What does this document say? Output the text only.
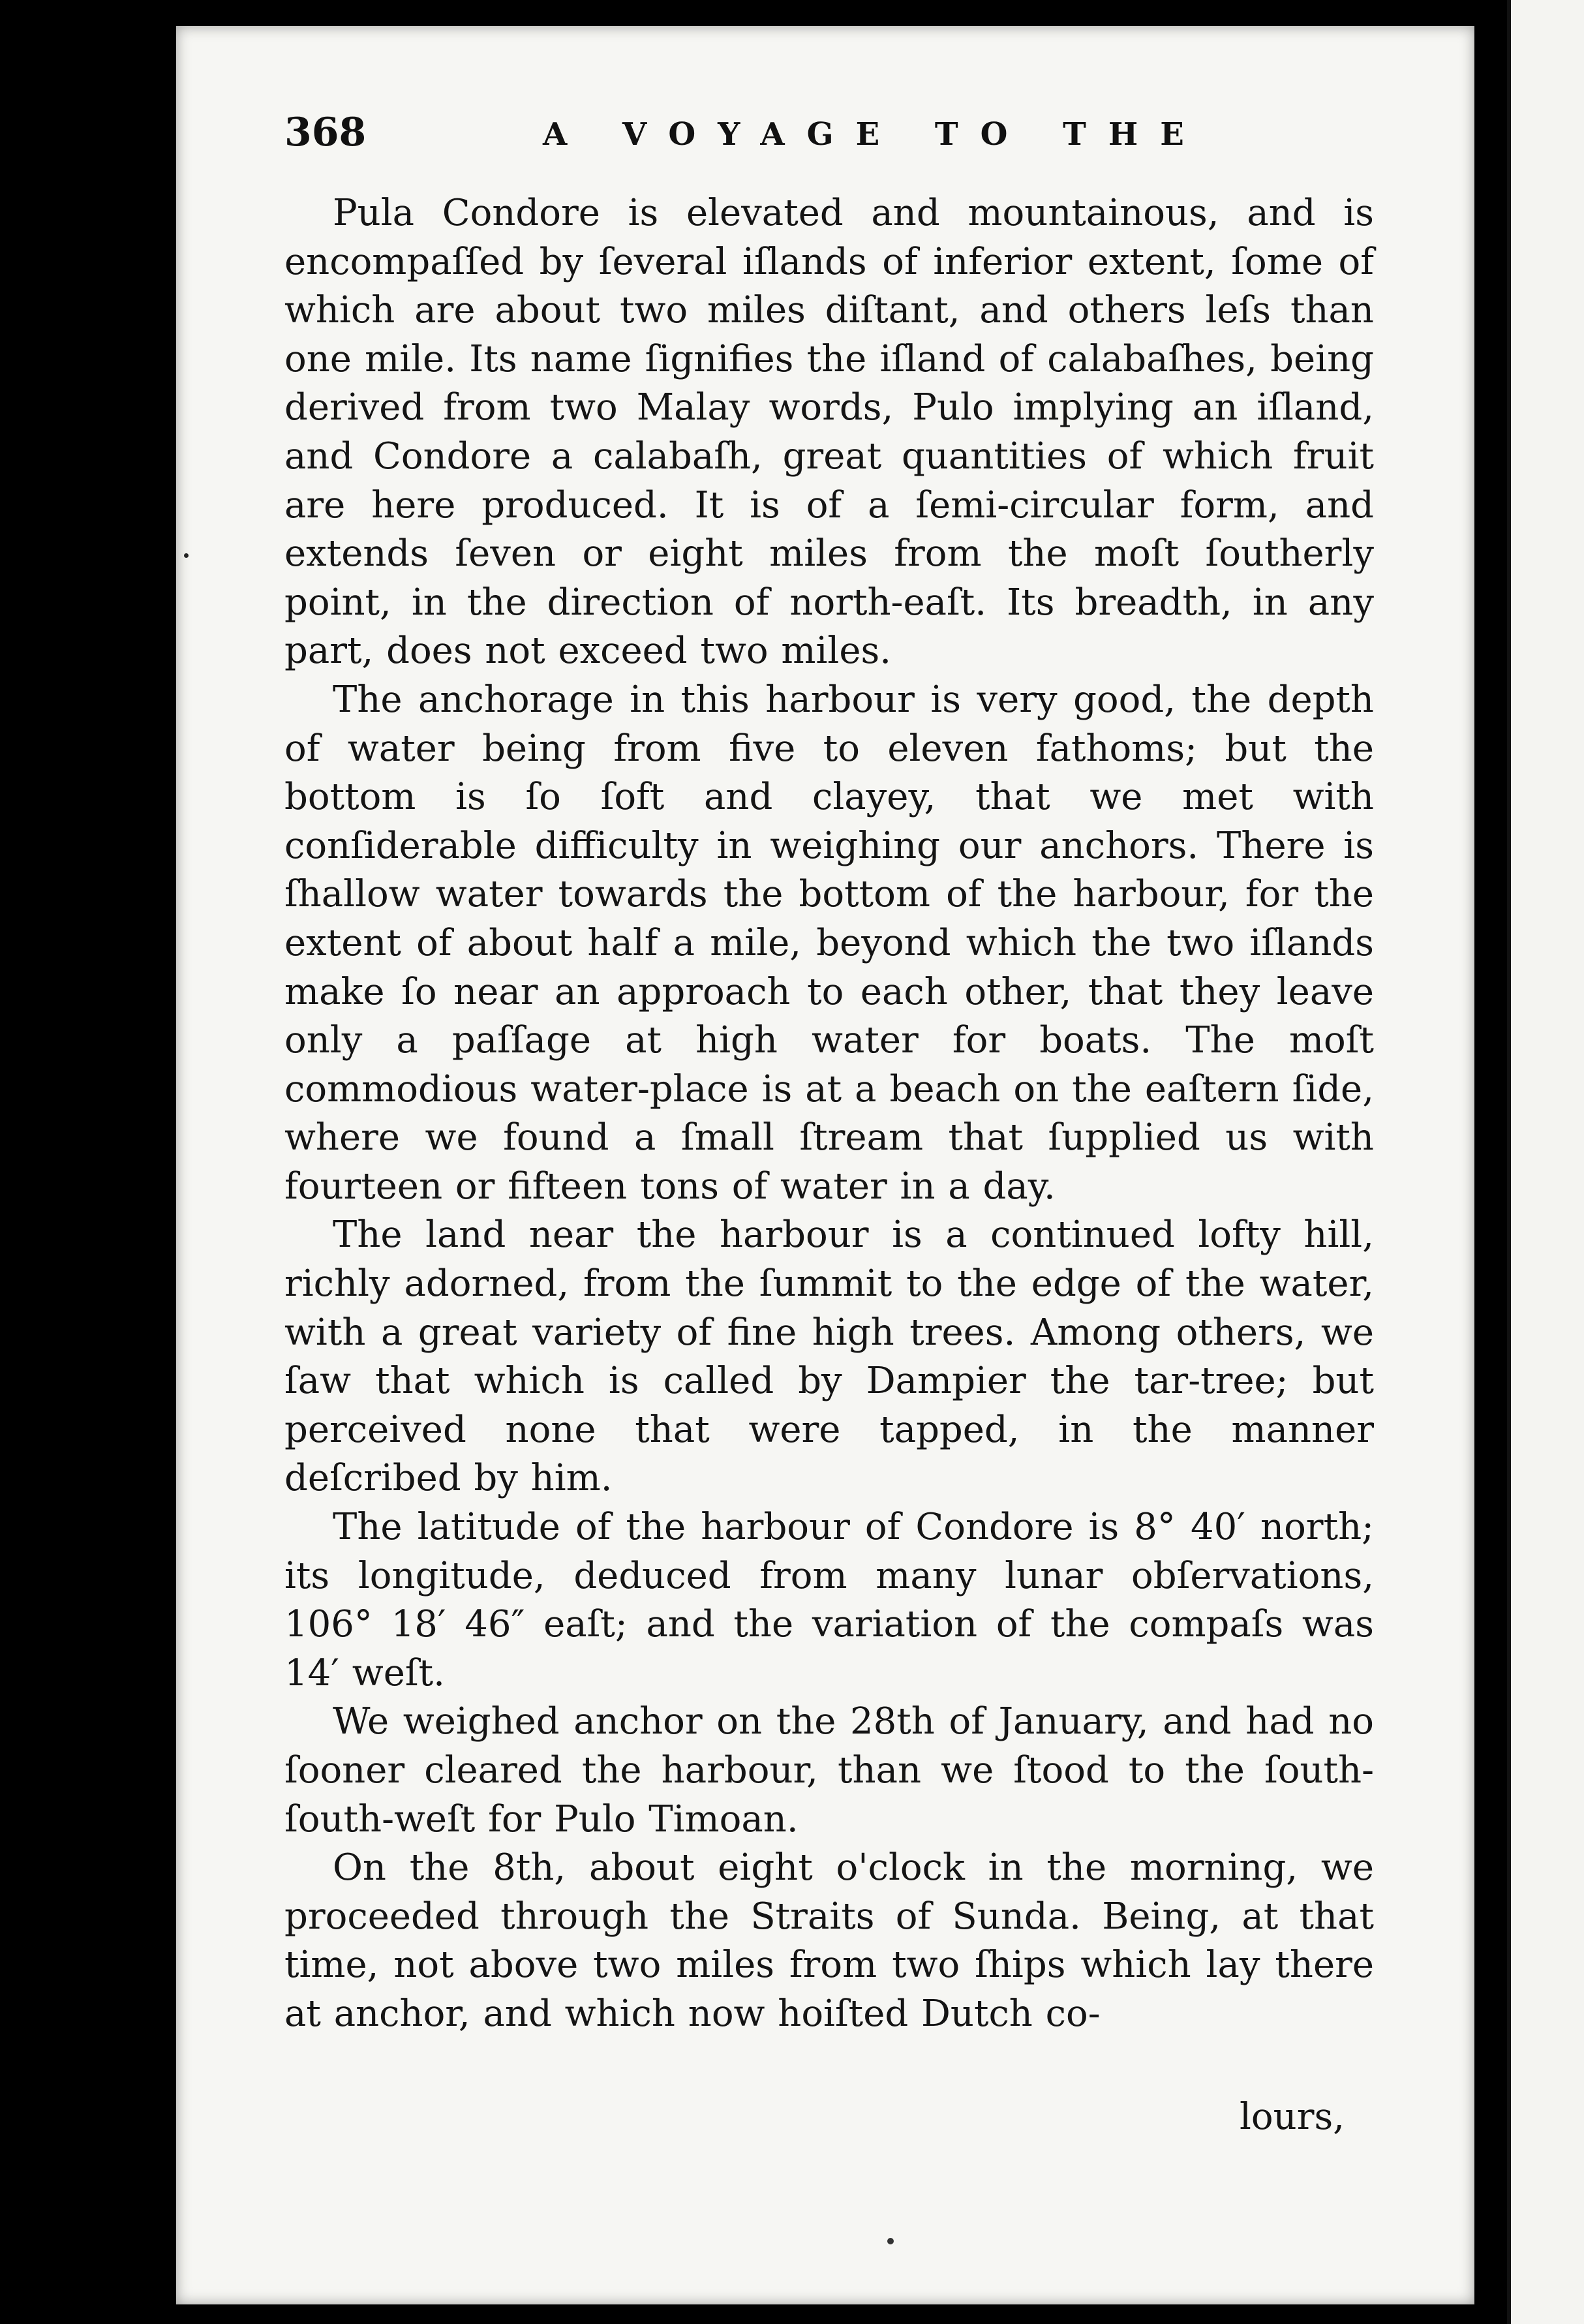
368	A VOYAGE TO THE

Pula Condore is elevated and mountainous, and is encompaſſed by ſeveral iſlands of inferior extent, ſome of which are about two miles diſtant, and others leſs than one mile. Its name ſignifies the iſland of calabaſhes, being derived from two Malay words, Pulo implying an iſland, and Condore a calabaſh, great quantities of which fruit are here produced. It is of a ſemi-circular form, and extends ſeven or eight miles from the moſt ſoutherly point, in the direction of north-eaſt. Its breadth, in any part, does not exceed two miles.

The anchorage in this harbour is very good, the depth of water being from five to eleven fathoms; but the bottom is ſo ſoft and clayey, that we met with conſiderable difficulty in weighing our anchors. There is ſhallow water towards the bottom of the harbour, for the extent of about half a mile, beyond which the two iſlands make ſo near an approach to each other, that they leave only a paſſage at high water for boats. The moſt commodious water-place is at a beach on the eaſtern ſide, where we found a ſmall ſtream that ſupplied us with fourteen or fifteen tons of water in a day.

The land near the harbour is a continued lofty hill, richly adorned, from the ſummit to the edge of the water, with a great variety of fine high trees. Among others, we ſaw that which is called by Dampier the tar-tree; but perceived none that were tapped, in the manner deſcribed by him.

The latitude of the harbour of Condore is 8° 40′ north; its longitude, deduced from many lunar obſervations, 106° 18′ 46″ eaſt; and the variation of the compaſs was 14′ weſt.

We weighed anchor on the 28th of January, and had no ſooner cleared the harbour, than we ſtood to the ſouth-ſouth-weſt for Pulo Timoan.

On the 8th, about eight o'clock in the morning, we proceeded through the Straits of Sunda. Being, at that time, not above two miles from two ſhips which lay there at anchor, and which now hoiſted Dutch co-

lours,
